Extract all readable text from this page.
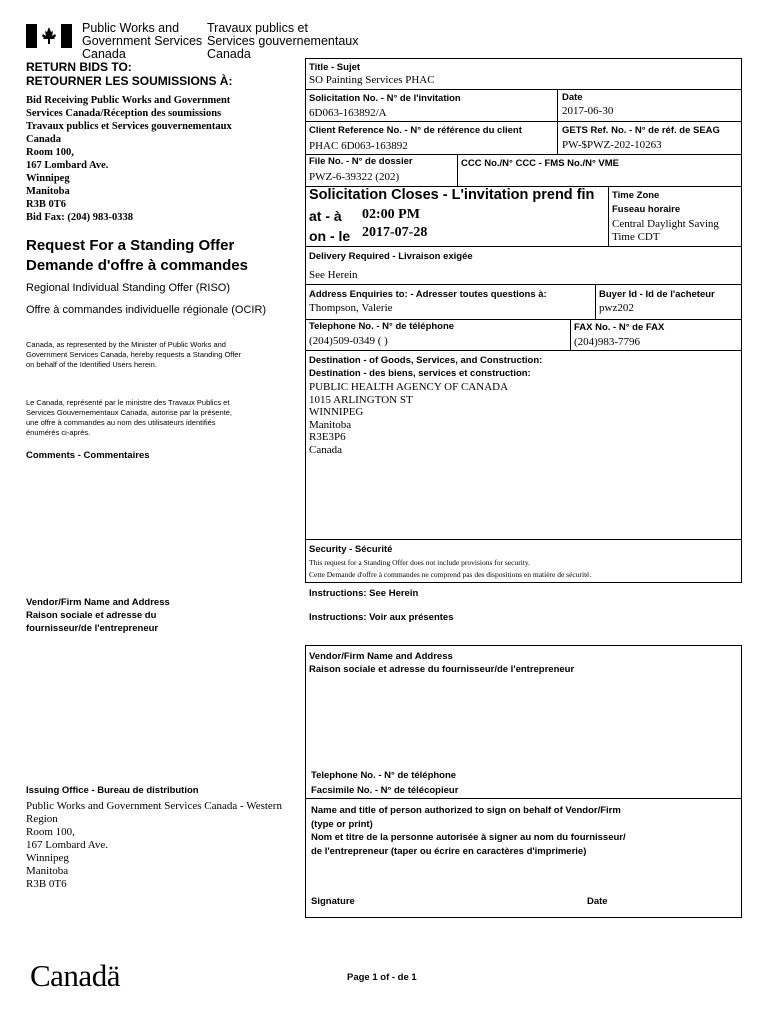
Public Works and
Government Services
Canada
Travaux publics et
Services gouvernementaux
Canada
RETURN BIDS TO:
RETOURNER LES SOUMISSIONS À:
Bid Receiving Public Works and Government
Services Canada/Réception des soumissions
Travaux publics et Services gouvernementaux
Canada
Room 100,
167 Lombard Ave.
Winnipeg
Manitoba
R3B 0T6
Bid Fax: (204) 983-0338
Request For a Standing Offer
Demande d'offre à commandes
Regional Individual Standing Offer (RISO)
Offre à commandes individuelle régionale (OCIR)
Canada, as represented by the Minister of Public Works and
Government Services Canada, hereby requests a Standing Offer
on behalf of the Identified Users herein.
Le Canada, représenté par le ministre des Travaux Publics et
Services Gouvernementaux Canada, autorise par la présente,
une offre à commandes au nom des utilisateurs identifiés
énumérés ci-après.
Comments - Commentaires
Vendor/Firm Name and Address
Raison sociale et adresse du
fournisseur/de l'entrepreneur
Issuing Office - Bureau de distribution
Public Works and Government Services Canada - Western
Region
Room 100,
167 Lombard Ave.
Winnipeg
Manitoba
R3B 0T6
Title - Sujet
SO Painting Services PHAC
Solicitation No. - N° de l'invitation
6D063-163892/A
Date
2017-06-30
Client Reference No. - N° de référence du client
PHAC 6D063-163892
GETS Ref. No. - N° de réf. de SEAG
PW-$PWZ-202-10263
File No. - N° de dossier
PWZ-6-39322 (202)
CCC No./N° CCC - FMS No./N° VME
Solicitation Closes - L'invitation prend fin
at - à 02:00 PM
on - le 2017-07-28
Time Zone
Fuseau horaire
Central Daylight Saving
Time CDT
Delivery Required - Livraison exigée
See Herein
Address Enquiries to: - Adresser toutes questions à:
Thompson, Valerie
Buyer Id - Id de l'acheteur
pwz202
Telephone No. - N° de téléphone
(204)509-0349 ( )
FAX No. - N° de FAX
(204)983-7796
Destination - of Goods, Services, and Construction:
Destination - des biens, services et construction:
PUBLIC HEALTH AGENCY OF CANADA
1015 ARLINGTON ST
WINNIPEG
Manitoba
R3E3P6
Canada
Security - Sécurité
This request for a Standing Offer does not include provisions for security.
Cette Demande d'offre à commandes ne comprend pas des dispositions en matière de sécurité.
Instructions: See Herein
Instructions: Voir aux présentes
Vendor/Firm Name and Address
Raison sociale et adresse du fournisseur/de l'entrepreneur
Telephone No. - N° de téléphone
Facsimile No. - N° de télécopieur
Name and title of person authorized to sign on behalf of Vendor/Firm
(type or print)
Nom et titre de la personne autorisée à signer au nom du fournisseur/
de l'entrepreneur (taper ou écrire en caractères d'imprimerie)
Signature	Date
Canadä	Page 1 of - de 1
